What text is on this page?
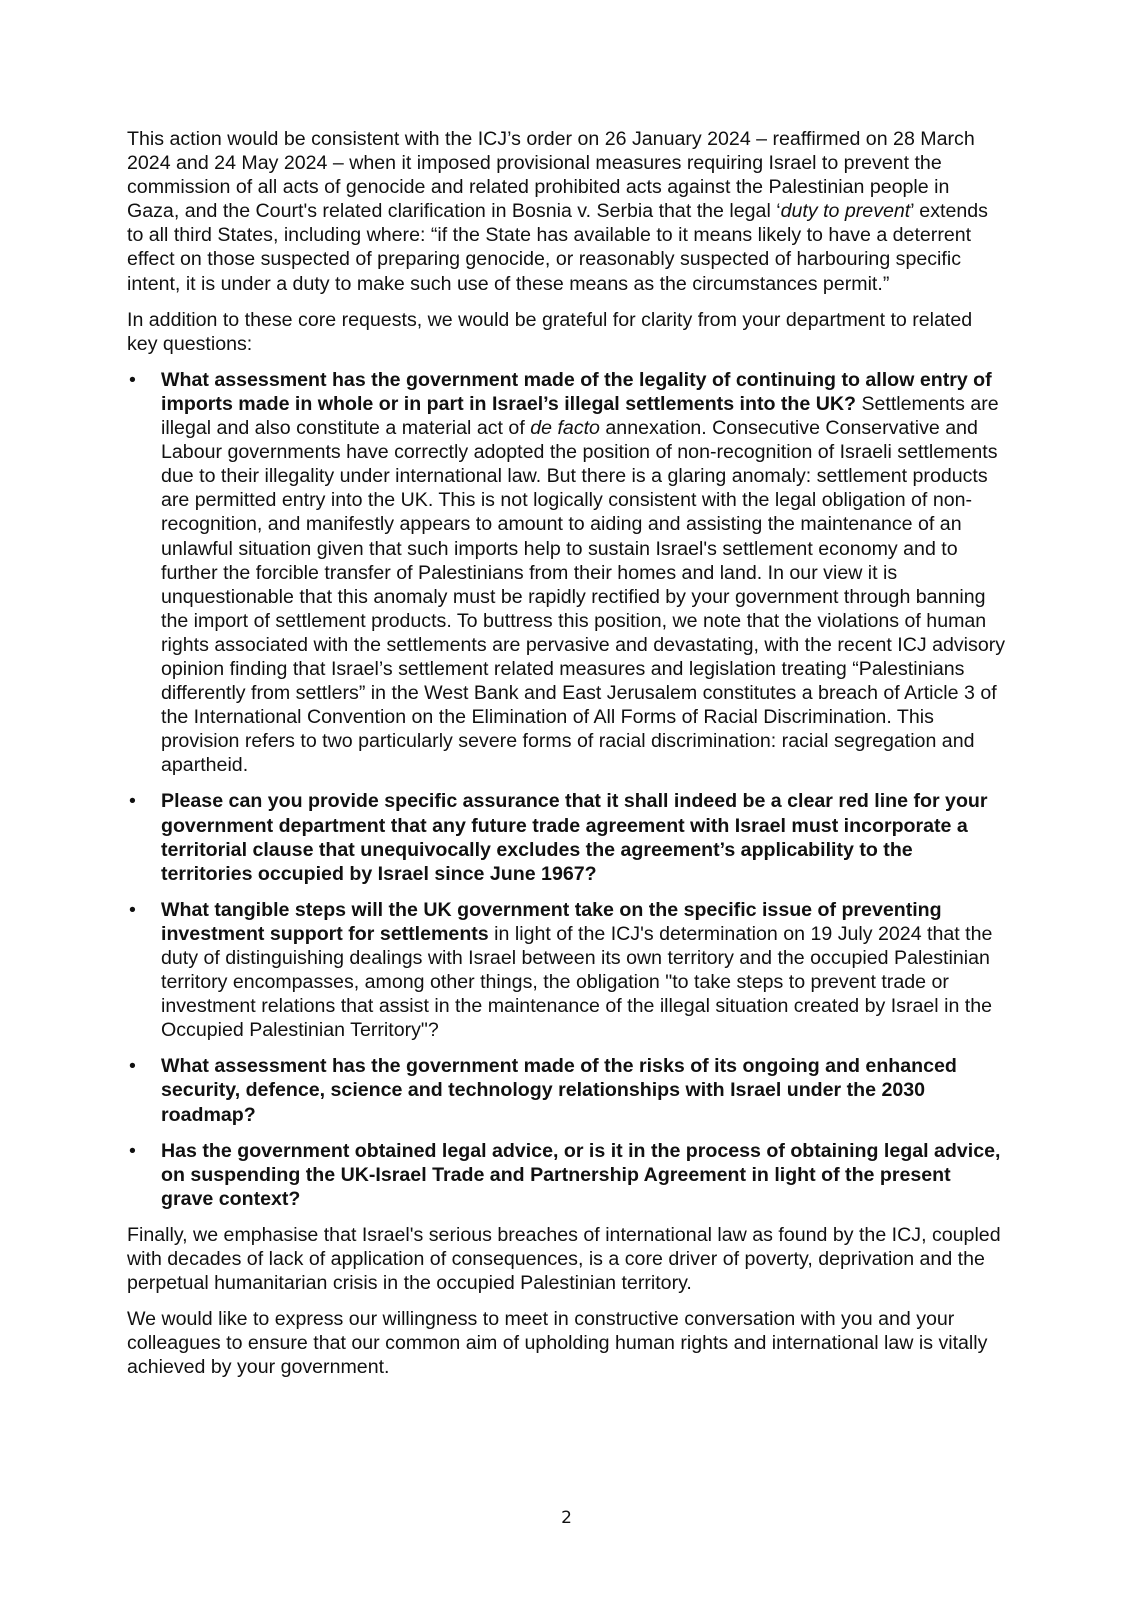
This action would be consistent with the ICJ’s order on 26 January 2024 – reaffirmed on 28 March 2024 and 24 May 2024 – when it imposed provisional measures requiring Israel to prevent the commission of all acts of genocide and related prohibited acts against the Palestinian people in Gaza, and the Court's related clarification in Bosnia v. Serbia that the legal ‘duty to prevent’ extends to all third States, including where: “if the State has available to it means likely to have a deterrent effect on those suspected of preparing genocide, or reasonably suspected of harbouring specific intent, it is under a duty to make such use of these means as the circumstances permit.”

In addition to these core requests, we would be grateful for clarity from your department to related key questions:

• What assessment has the government made of the legality of continuing to allow entry of imports made in whole or in part in Israel’s illegal settlements into the UK? Settlements are illegal and also constitute a material act of de facto annexation. Consecutive Conservative and Labour governments have correctly adopted the position of non-recognition of Israeli settlements due to their illegality under international law. But there is a glaring anomaly: settlement products are permitted entry into the UK. This is not logically consistent with the legal obligation of non-recognition, and manifestly appears to amount to aiding and assisting the maintenance of an unlawful situation given that such imports help to sustain Israel's settlement economy and to further the forcible transfer of Palestinians from their homes and land. In our view it is unquestionable that this anomaly must be rapidly rectified by your government through banning the import of settlement products. To buttress this position, we note that the violations of human rights associated with the settlements are pervasive and devastating, with the recent ICJ advisory opinion finding that Israel’s settlement related measures and legislation treating “Palestinians differently from settlers” in the West Bank and East Jerusalem constitutes a breach of Article 3 of the International Convention on the Elimination of All Forms of Racial Discrimination. This provision refers to two particularly severe forms of racial discrimination: racial segregation and apartheid.
• Please can you provide specific assurance that it shall indeed be a clear red line for your government department that any future trade agreement with Israel must incorporate a territorial clause that unequivocally excludes the agreement’s applicability to the territories occupied by Israel since June 1967?
• What tangible steps will the UK government take on the specific issue of preventing investment support for settlements in light of the ICJ's determination on 19 July 2024 that the duty of distinguishing dealings with Israel between its own territory and the occupied Palestinian territory encompasses, among other things, the obligation "to take steps to prevent trade or investment relations that assist in the maintenance of the illegal situation created by Israel in the Occupied Palestinian Territory"?
• What assessment has the government made of the risks of its ongoing and enhanced security, defence, science and technology relationships with Israel under the 2030 roadmap?
• Has the government obtained legal advice, or is it in the process of obtaining legal advice, on suspending the UK-Israel Trade and Partnership Agreement in light of the present grave context?

Finally, we emphasise that Israel's serious breaches of international law as found by the ICJ, coupled with decades of lack of application of consequences, is a core driver of poverty, deprivation and the perpetual humanitarian crisis in the occupied Palestinian territory.

We would like to express our willingness to meet in constructive conversation with you and your colleagues to ensure that our common aim of upholding human rights and international law is vitally achieved by your government.

2
